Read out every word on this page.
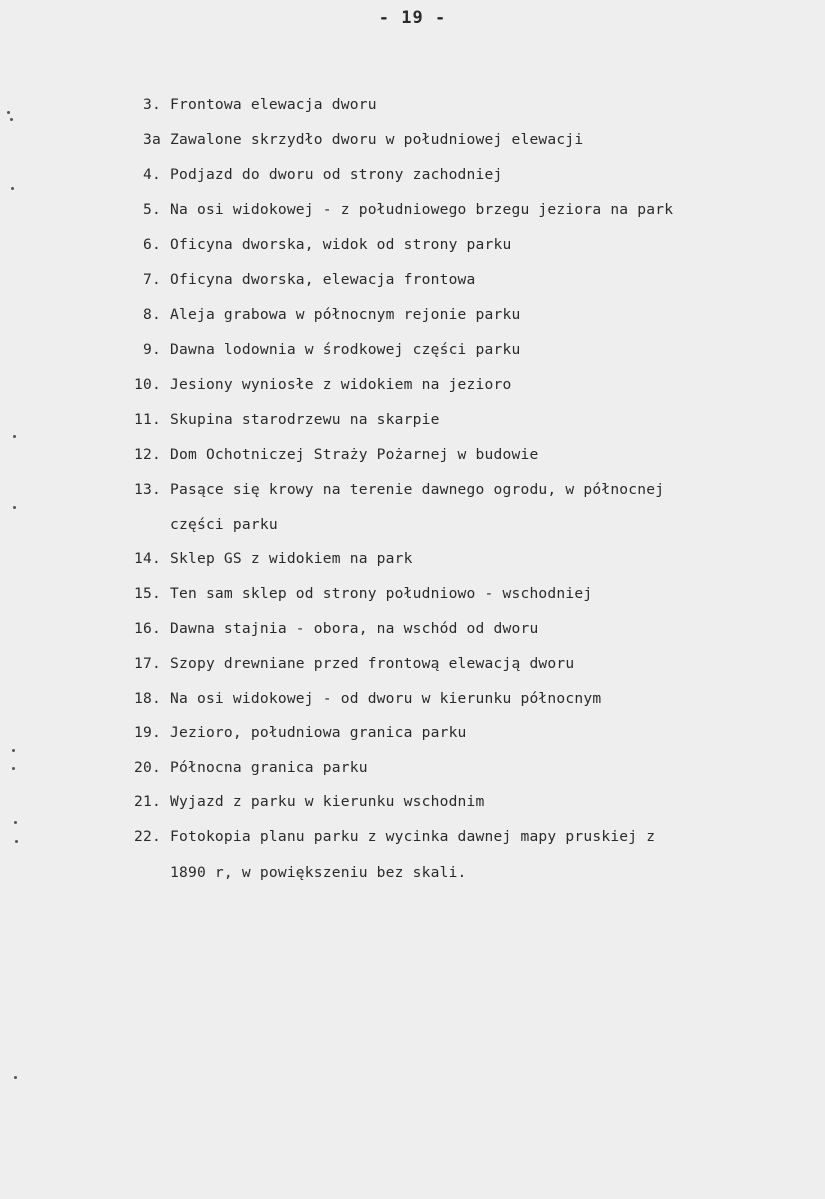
- 19 -
3. Frontowa elewacja dworu
3a Zawalone skrzydło dworu w południowej elewacji
4. Podjazd do dworu od strony zachodniej
5. Na osi widokowej - z południowego brzegu jeziora na park
6. Oficyna dworska, widok od strony parku
7. Oficyna dworska, elewacja frontowa
8. Aleja grabowa w północnym rejonie parku
9. Dawna lodownia w środkowej części parku
10. Jesiony wyniosłe z widokiem na jezioro
11. Skupina starodrzewu na skarpie
12. Dom Ochotniczej Straży Pożarnej w budowie
13. Pasące się krowy na terenie dawnego ogrodu, w północnej
części parku
14. Sklep GS z widokiem na park
15. Ten sam sklep od strony południowo - wschodniej
16. Dawna stajnia - obora, na wschód od dworu
17. Szopy drewniane przed frontową elewacją dworu
18. Na osi widokowej - od dworu w kierunku północnym
19. Jezioro, południowa granica parku
20. Północna granica parku
21. Wyjazd z parku w kierunku wschodnim
22. Fotokopia planu parku z wycinka dawnej mapy pruskiej z
1890 r, w powiększeniu bez skali.
